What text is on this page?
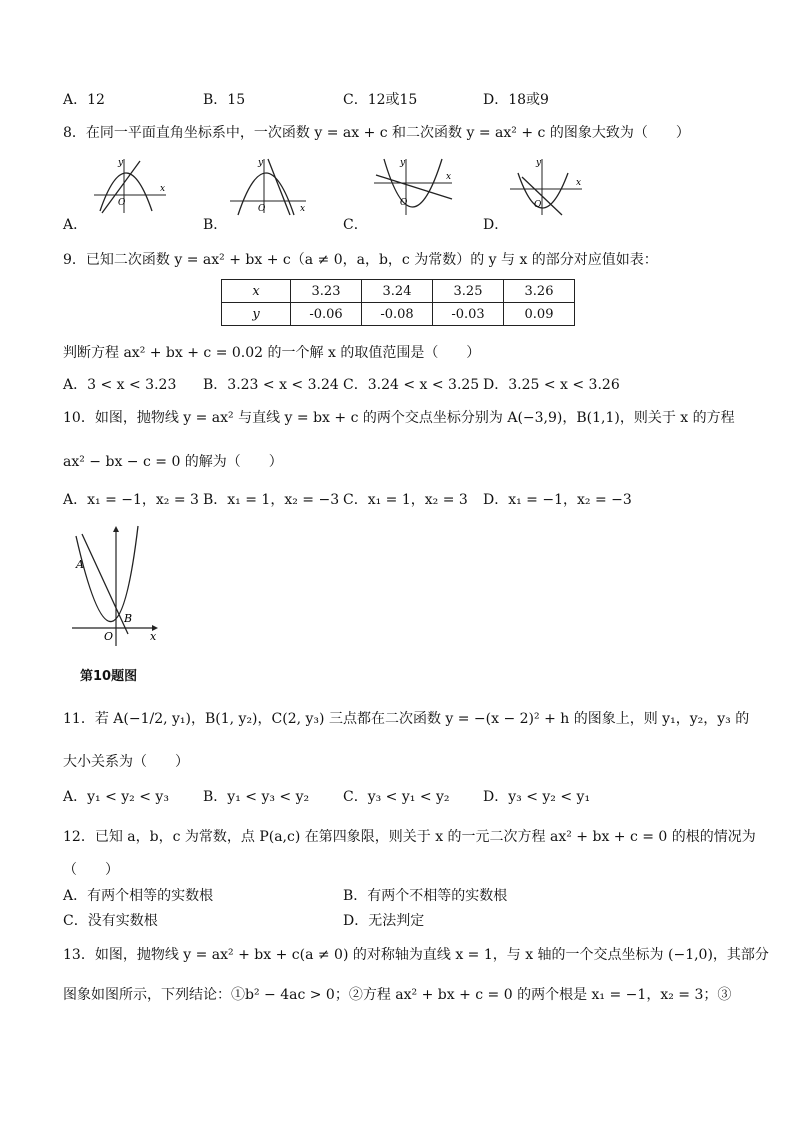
A．12	B．15	C．12或15	D．18或9
8．在同一平面直角坐标系中，一次函数 y = ax + c 和二次函数 y = ax² + c 的图象大致为（　　）
y
O
x
A．
y
O	x
B．
y
O
x
C．
y
O
x
D．
9．已知二次函数 y = ax² + bx + c（a ≠ 0，a，b，c 为常数）的 y 与 x 的部分对应值如表：
x	3.23	3.24	3.25	3.26
y	-0.06	-0.08	-0.03	0.09
判断方程 ax² + bx + c = 0.02 的一个解 x 的取值范围是（　　）
A．3 < x < 3.23 B．3.23 < x < 3.24 C．3.24 < x < 3.25 D．3.25 < x < 3.26
10．如图，抛物线 y = ax² 与直线 y = bx + c 的两个交点坐标分别为 A(−3,9)，B(1,1)，则关于 x 的方程
ax² − bx − c = 0 的解为（　　）
A．x₁ = −1，x₂ = 3 B．x₁ = 1，x₂ = −3 C．x₁ = 1，x₂ = 3 D．x₁ = −1，x₂ = −3
A
B
O	x
第10题图
11．若 A(−1/2, y₁)，B(1, y₂)，C(2, y₃) 三点都在二次函数 y = −(x − 2)² + h 的图象上，则 y₁，y₂，y₃ 的
大小关系为（　　）
A．y₁ < y₂ < y₃ B．y₁ < y₃ < y₂ C．y₃ < y₁ < y₂ D．y₃ < y₂ < y₁
12．已知 a，b，c 为常数，点 P(a,c) 在第四象限，则关于 x 的一元二次方程 ax² + bx + c = 0 的根的情况为
（　　）
A．有两个相等的实数根	B．有两个不相等的实数根
C．没有实数根	D．无法判定
13．如图，抛物线 y = ax² + bx + c(a ≠ 0) 的对称轴为直线 x = 1，与 x 轴的一个交点坐标为 (−1,0)，其部分
图象如图所示，下列结论：①b² − 4ac > 0；②方程 ax² + bx + c = 0 的两个根是 x₁ = −1，x₂ = 3；③
